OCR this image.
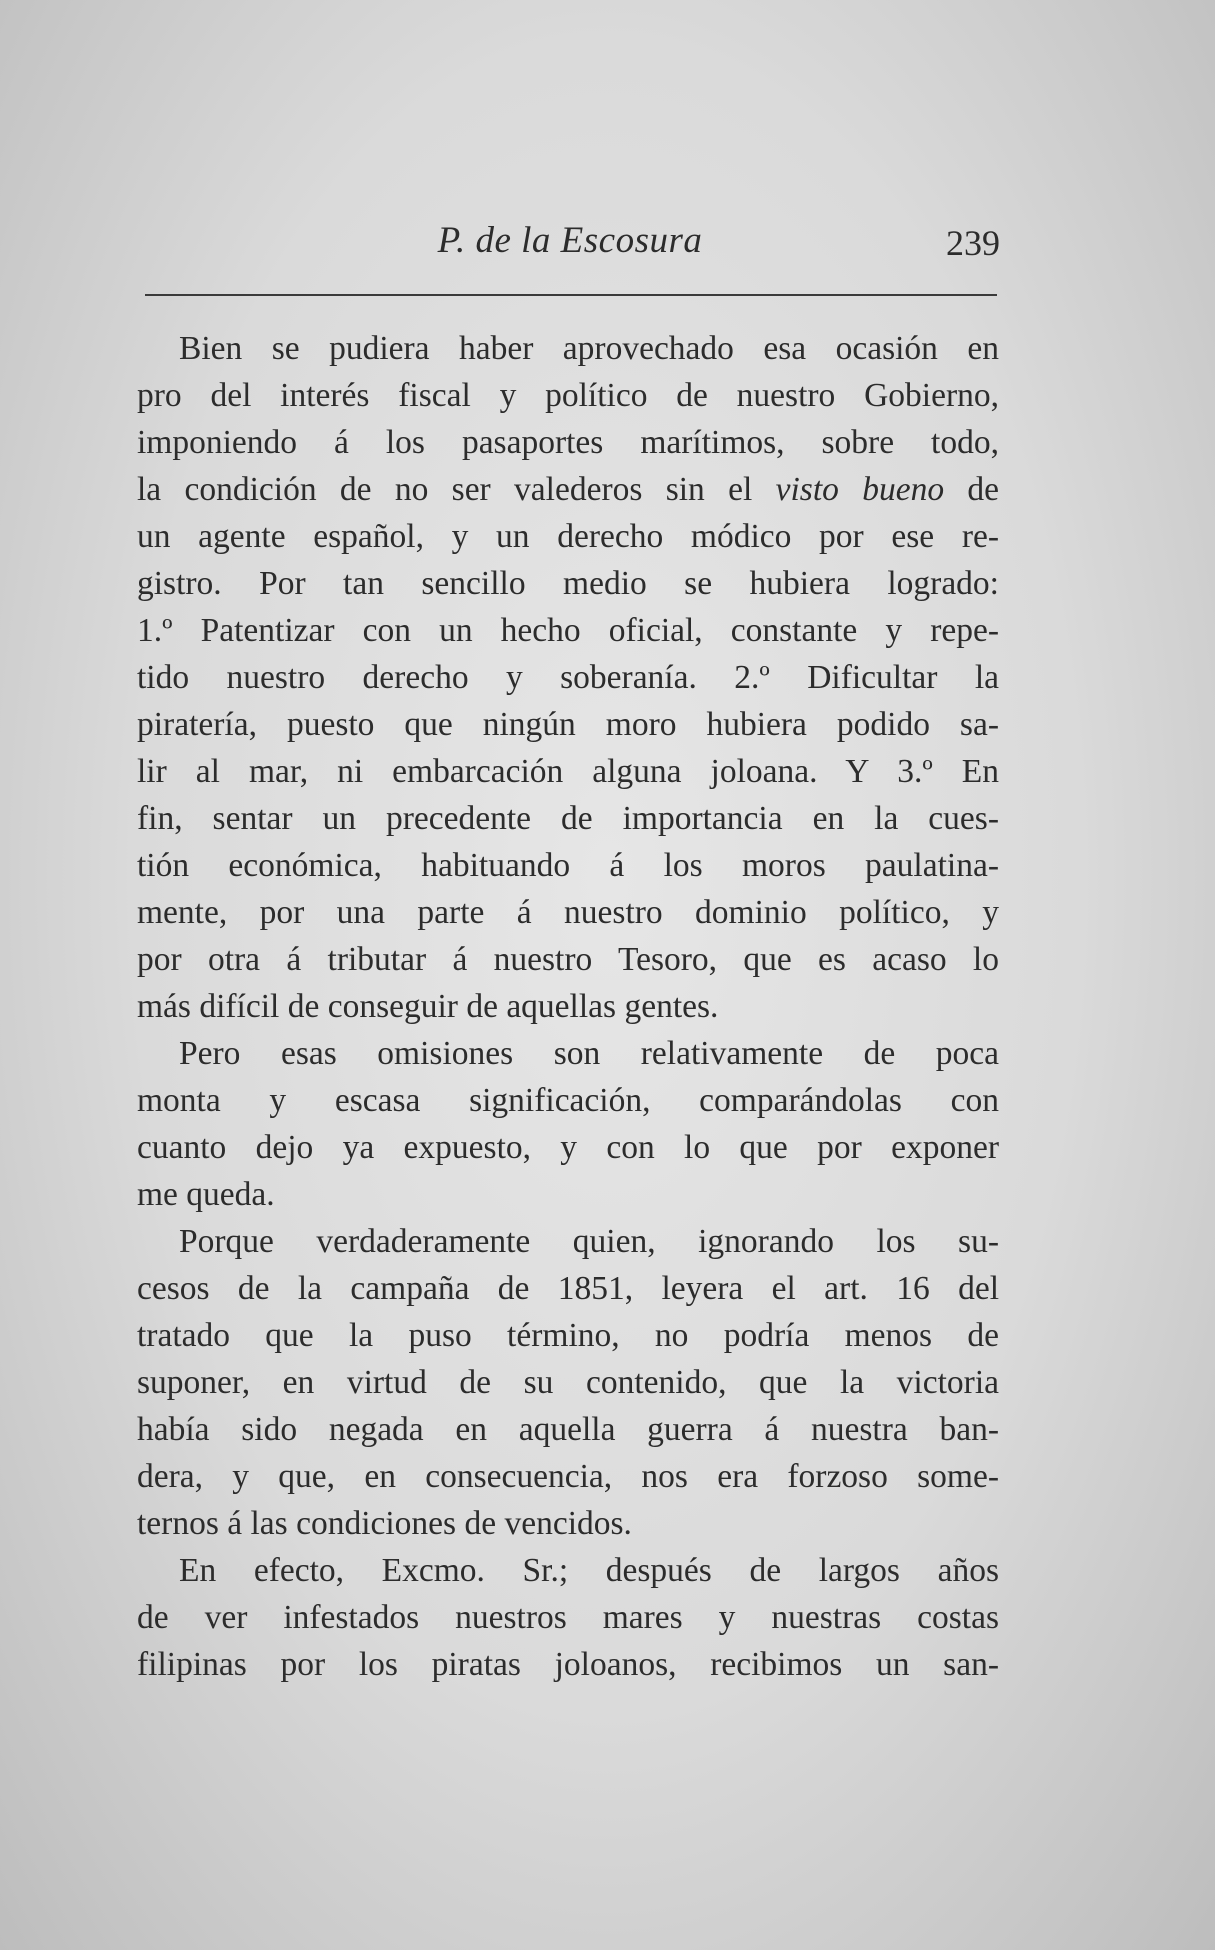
P. de la Escosura	239
Bien se pudiera haber aprovechado esa ocasión en
pro del interés fiscal y político de nuestro Gobierno,
imponiendo á los pasaportes marítimos, sobre todo,
la condición de no ser valederos sin el visto bueno de
un agente español, y un derecho módico por ese re-
gistro. Por tan sencillo medio se hubiera logrado:
1.º Patentizar con un hecho oficial, constante y repe-
tido nuestro derecho y soberanía. 2.º Dificultar la
piratería, puesto que ningún moro hubiera podido sa-
lir al mar, ni embarcación alguna joloana. Y 3.º En
fin, sentar un precedente de importancia en la cues-
tión económica, habituando á los moros paulatina-
mente, por una parte á nuestro dominio político, y
por otra á tributar á nuestro Tesoro, que es acaso lo
más difícil de conseguir de aquellas gentes.
Pero esas omisiones son relativamente de poca
monta y escasa significación, comparándolas con
cuanto dejo ya expuesto, y con lo que por exponer
me queda.
Porque verdaderamente quien, ignorando los su-
cesos de la campaña de 1851, leyera el art. 16 del
tratado que la puso término, no podría menos de
suponer, en virtud de su contenido, que la victoria
había sido negada en aquella guerra á nuestra ban-
dera, y que, en consecuencia, nos era forzoso some-
ternos á las condiciones de vencidos.
En efecto, Excmo. Sr.; después de largos años
de ver infestados nuestros mares y nuestras costas
filipinas por los piratas joloanos, recibimos un san-
